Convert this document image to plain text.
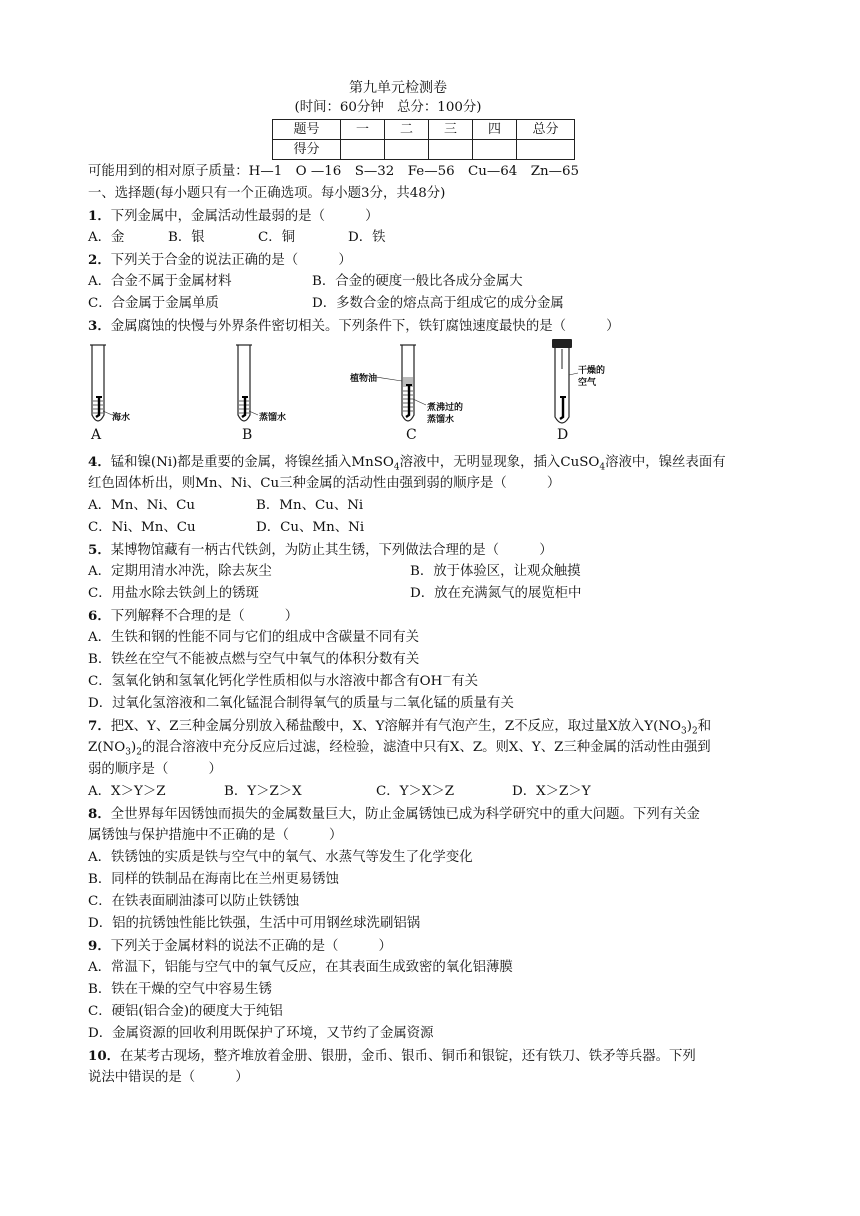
第九单元检测卷
(时间：60分钟　总分：100分)
题号	一	二	三	四	总分
得分					
可能用到的相对原子质量：H—1　O —16　S—32　Fe—56　Cu—64　Zn—65
一、选择题(每小题只有一个正确选项。每小题3分，共48分)
1．下列金属中，金属活动性最弱的是（　　　）
A．金	B．银	C．铜	D．铁
2．下列关于合金的说法正确的是（　　　）
A．合金不属于金属材料	B．合金的硬度一般比各成分金属大
C．合金属于金属单质	D．多数合金的熔点高于组成它的成分金属
3．金属腐蚀的快慢与外界条件密切相关。下列条件下，铁钉腐蚀速度最快的是（　　　）
海水	蒸馏水
植物油
煮沸过的
蒸馏水
干燥的
空气
A	B	C	D
4．锰和镍(Ni)都是重要的金属，将镍丝插入MnSO$_4$溶液中，无明显现象，插入CuSO$_4$溶液中，镍丝表面有
红色固体析出，则Mn、Ni、Cu三种金属的活动性由强到弱的顺序是（　　　）
A．Mn、Ni、Cu	B．Mn、Cu、Ni
C．Ni、Mn、Cu	D．Cu、Mn、Ni
5．某博物馆藏有一柄古代铁剑，为防止其生锈，下列做法合理的是（　　　）
A．定期用清水冲洗，除去灰尘	B．放于体验区，让观众触摸
C．用盐水除去铁剑上的锈斑	D．放在充满氮气的展览柜中
6．下列解释不合理的是（　　　）
A．生铁和钢的性能不同与它们的组成中含碳量不同有关
B．铁丝在空气不能被点燃与空气中氧气的体积分数有关
C．氢氧化钠和氢氧化钙化学性质相似与水溶液中都含有OH－有关
D．过氧化氢溶液和二氧化锰混合制得氧气的质量与二氧化锰的质量有关
7．把X、Y、Z三种金属分别放入稀盐酸中，X、Y溶解并有气泡产生，Z不反应，取过量X放入$Y(NO_3)_2$和
$Z(NO_3)_2$的混合溶液中充分反应后过滤，经检验，滤渣中只有X、Z。则X、Y、Z三种金属的活动性由强到
弱的顺序是（　　　）
A．X＞Y＞Z	B．Y＞Z＞X	C．Y＞X＞Z	D．X＞Z＞Y
8．全世界每年因锈蚀而损失的金属数量巨大，防止金属锈蚀已成为科学研究中的重大问题。下列有关金
属锈蚀与保护措施中不正确的是（　　　）
A．铁锈蚀的实质是铁与空气中的氧气、水蒸气等发生了化学变化
B．同样的铁制品在海南比在兰州更易锈蚀
C．在铁表面刷油漆可以防止铁锈蚀
D．铝的抗锈蚀性能比铁强，生活中可用钢丝球洗刷铝锅
9．下列关于金属材料的说法不正确的是（　　　）
A．常温下，铝能与空气中的氧气反应，在其表面生成致密的氧化铝薄膜
B．铁在干燥的空气中容易生锈
C．硬铝(铝合金)的硬度大于纯铝
D．金属资源的回收利用既保护了环境，又节约了金属资源
10．在某考古现场，整齐堆放着金册、银册，金币、银币、铜币和银锭，还有铁刀、铁矛等兵器。下列
说法中错误的是（　　　）
